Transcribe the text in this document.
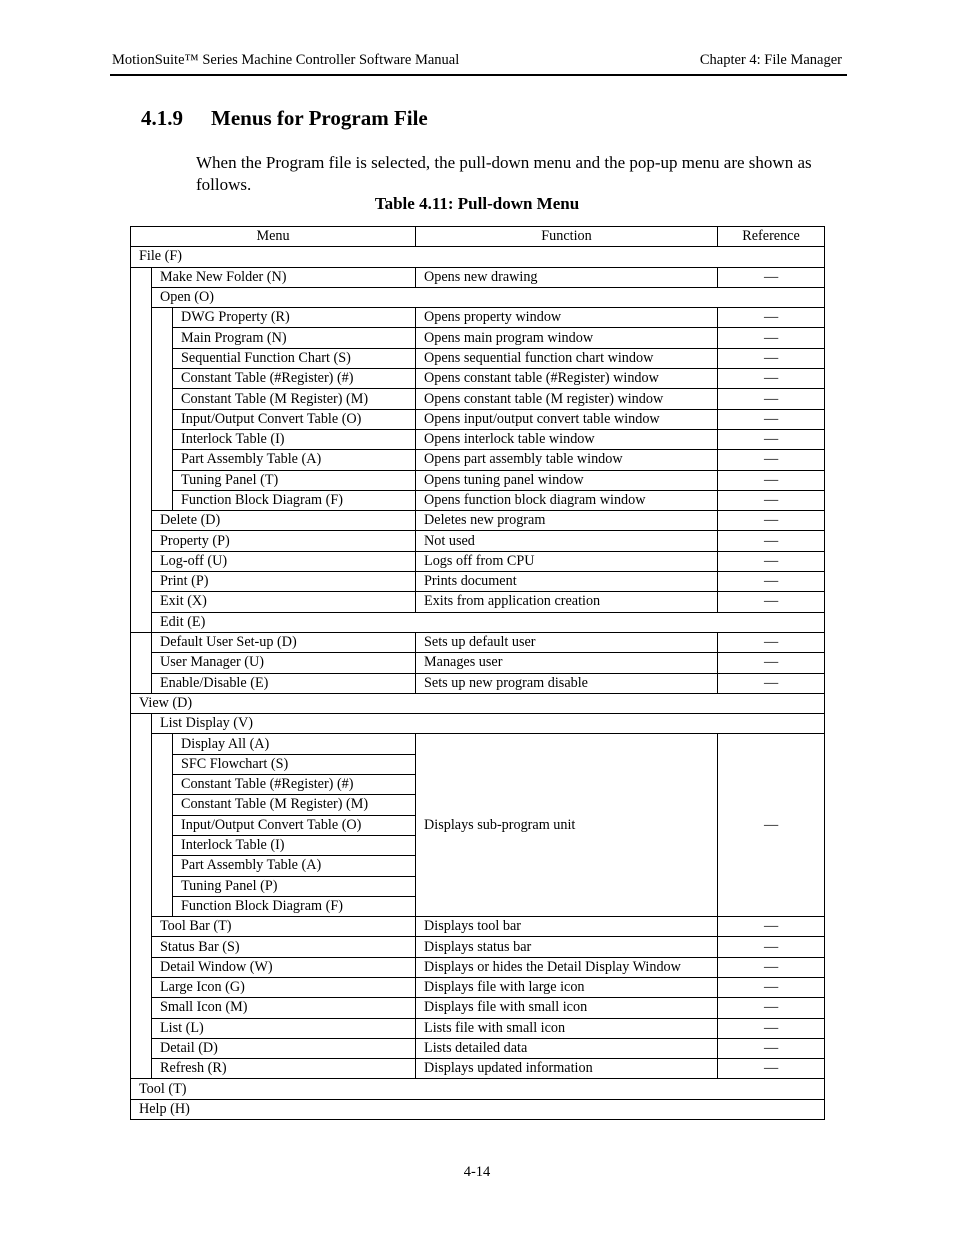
MotionSuite™ Series Machine Controller Software Manual	Chapter 4: File Manager
4.1.9 Menus for Program File
When the Program file is selected, the pull-down menu and the pop-up menu are shown as follows.
Table 4.11: Pull-down Menu
Menu			Function	Reference
File (F)				
	Make New Folder (N)		Opens new drawing	—
	Open (O)			
		DWG Property (R)	Opens property window	—
		Main Program (N)	Opens main program window	—
		Sequential Function Chart (S)	Opens sequential function chart window	—
		Constant Table (#Register) (#)	Opens constant table (#Register) window	—
		Constant Table (M Register) (M)	Opens constant table (M register) window	—
		Input/Output Convert Table (O)	Opens input/output convert table window	—
		Interlock Table (I)	Opens interlock table window	—
		Part Assembly Table (A)	Opens part assembly table window	—
		Tuning Panel (T)	Opens tuning panel window	—
		Function Block Diagram (F)	Opens function block diagram window	—
	Delete (D)		Deletes new program	—
	Property (P)		Not used	—
	Log-off (U)		Logs off from CPU	—
	Print (P)		Prints document	—
	Exit (X)		Exits from application creation	—
	Edit (E)			
	Default User Set-up (D)		Sets up default user	—
	User Manager (U)		Manages user	—
	Enable/Disable (E)		Sets up new program disable	—
View (D)				
	List Display (V)			
		Display All (A)	Displays sub-program unit	—
		SFC Flowchart (S)		
		Constant Table (#Register) (#)		
		Constant Table (M Register) (M)		
		Input/Output Convert Table (O)		
		Interlock Table (I)		
		Part Assembly Table (A)		
		Tuning Panel (P)		
		Function Block Diagram (F)		
	Tool Bar (T)		Displays tool bar	—
	Status Bar (S)		Displays status bar	—
	Detail Window (W)		Displays or hides the Detail Display Window	—
	Large Icon (G)		Displays file with large icon	—
	Small Icon (M)		Displays file with small icon	—
	List (L)		Lists file with small icon	—
	Detail (D)		Lists detailed data	—
	Refresh (R)		Displays updated information	—
Tool (T)				
Help (H)				
4-14
